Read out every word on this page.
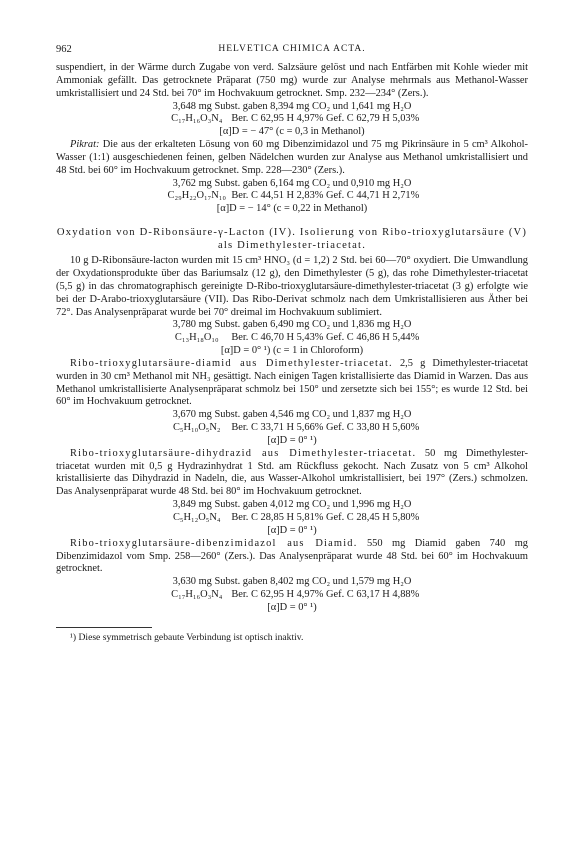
962	HELVETICA CHIMICA ACTA.

suspendiert, in der Wärme durch Zugabe von verd. Salzsäure gelöst und nach Entfärben mit Kohle wieder mit Ammoniak gefällt. Das getrocknete Präparat (750 mg) wurde zur Analyse mehrmals aus Methanol-Wasser umkristallisiert und 24 Std. bei 70° im Hochvakuum getrocknet. Smp. 232—234° (Zers.).

3,648 mg Subst. gaben 8,394 mg CO₂ und 1,641 mg H₂O
C₁₇H₁₆O₃N₄ Ber. C 62,95 H 4,97% Gef. C 62,79 H 5,03%
[α]D = − 47° (c = 0,3 in Methanol)

Pikrat: Die aus der erkalteten Lösung von 60 mg Dibenzimidazol und 75 mg Pikrinsäure in 5 cm³ Alkohol-Wasser (1:1) ausgeschiedenen feinen, gelben Nädelchen wurden zur Analyse aus Methanol umkristallisiert und 48 Std. bei 60° im Hochvakuum getrocknet. Smp. 228—230° (Zers.).

3,762 mg Subst. gaben 6,164 mg CO₂ und 0,910 mg H₂O
C₂₉H₂₂O₁₇N₁₀ Ber. C 44,51 H 2,83% Gef. C 44,71 H 2,71%
[α]D = − 14° (c = 0,22 in Methanol)
Oxydation von D-Ribonsäure-γ-Lacton (IV). Isolierung von Ribo-trioxyglutarsäure (V) als Dimethylester-triacetat.

10 g D-Ribonsäure-lacton wurden mit 15 cm³ HNO₃ (d = 1,2) 2 Std. bei 60—70° oxydiert. Die Umwandlung der Oxydationsprodukte über das Bariumsalz (12 g), den Dimethylester (5 g), das rohe Dimethylester-triacetat (5,5 g) in das chromatographisch gereinigte D-Ribo-trioxyglutarsäure-dimethylester-triacetat (3 g) erfolgte wie bei der D-Arabo-trioxyglutarsäure (VII). Das Ribo-Derivat schmolz nach dem Umkristallisieren aus Äther bei 72°. Das Analysenpräparat wurde bei 70° dreimal im Hochvakuum sublimiert.

3,780 mg Subst. gaben 6,490 mg CO₂ und 1,836 mg H₂O
C₁₃H₁₈O₁₀ Ber. C 46,70 H 5,43% Gef. C 46,86 H 5,44%
[α]D = 0° ¹) (c = 1 in Chloroform)

Ribo-trioxyglutarsäure-diamid aus Dimethylester-triacetat. 2,5 g Dimethylester-triacetat wurden in 30 cm³ Methanol mit NH₃ gesättigt. Nach einigen Tagen kristallisierte das Diamid in Warzen. Das aus Methanol umkristallisierte Analysenpräparat schmolz bei 150° und zersetzte sich bei 155°; es wurde 12 Std. bei 60° im Hochvakuum getrocknet.

3,670 mg Subst. gaben 4,546 mg CO₂ und 1,837 mg H₂O
C₅H₁₀O₅N₂ Ber. C 33,71 H 5,66% Gef. C 33,80 H 5,60%
[α]D = 0° ¹)

Ribo-trioxyglutarsäure-dihydrazid aus Dimethylester-triacetat. 50 mg Dimethylester-triacetat wurden mit 0,5 g Hydrazinhydrat 1 Std. am Rückfluss gekocht. Nach Zusatz von 5 cm³ Alkohol kristallisierte das Dihydrazid in Nadeln, die, aus Wasser-Alkohol umkristallisiert, bei 197° (Zers.) schmolzen. Das Analysenpräparat wurde 48 Std. bei 80° im Hochvakuum getrocknet.

3,849 mg Subst. gaben 4,012 mg CO₂ und 1,996 mg H₂O
C₅H₁₂O₅N₄ Ber. C 28,85 H 5,81% Gef. C 28,45 H 5,80%
[α]D = 0° ¹)

Ribo-trioxyglutarsäure-dibenzimidazol aus Diamid. 550 mg Diamid gaben 740 mg Dibenzimidazol vom Smp. 258—260° (Zers.). Das Analysenpräparat wurde 48 Std. bei 60° im Hochvakuum getrocknet.

3,630 mg Subst. gaben 8,402 mg CO₂ und 1,579 mg H₂O
C₁₇H₁₆O₃N₄ Ber. C 62,95 H 4,97% Gef. C 63,17 H 4,88%
[α]D = 0° ¹)
¹) Diese symmetrisch gebaute Verbindung ist optisch inaktiv.
